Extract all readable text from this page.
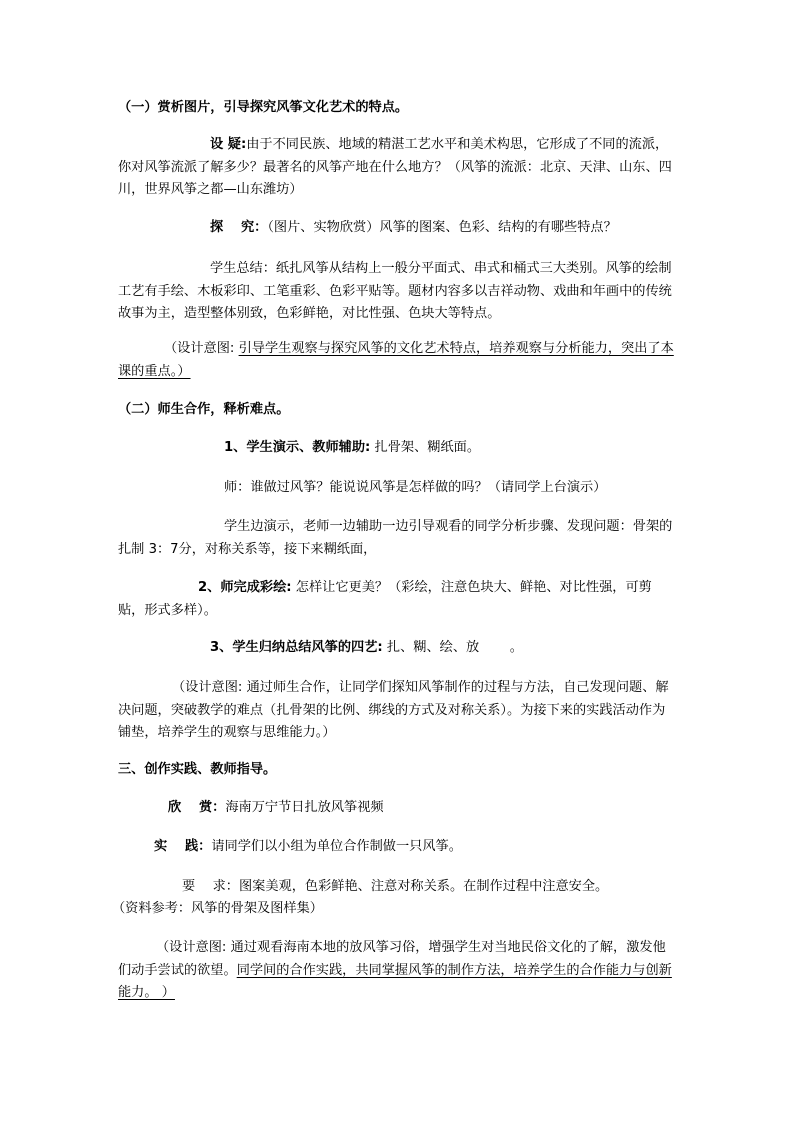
（一）赏析图片，引导探究风筝文化艺术的特点。

设 疑:由于不同民族、地域的精湛工艺水平和美术构思，它形成了不同的流派，你对风筝流派了解多少？最著名的风筝产地在什么地方？（风筝的流派：北京、天津、山东、四川，世界风筝之都—山东潍坊）

探　 究：（图片、实物欣赏）风筝的图案、色彩、结构的有哪些特点？

学生总结：纸扎风筝从结构上一般分平面式、串式和桶式三大类别。风筝的绘制工艺有手绘、木板彩印、工笔重彩、色彩平贴等。题材内容多以吉祥动物、戏曲和年画中的传统故事为主，造型整体别致，色彩鲜艳，对比性强、色块大等特点。

（设计意图: 引导学生观察与探究风筝的文化艺术特点，培养观察与分析能力，突出了本课的重点。）

（二）师生合作，释析难点。

1、学生演示、教师辅助: 扎骨架、糊纸面。

师：谁做过风筝？能说说风筝是怎样做的吗？（请同学上台演示）

学生边演示，老师一边辅助一边引导观看的同学分析步骤、发现问题：骨架的扎制 3：7分，对称关系等，接下来糊纸面，

2、师完成彩绘: 怎样让它更美？（彩绘，注意色块大、鲜艳、对比性强，可剪贴，形式多样）。

3、学生归纳总结风筝的四艺: 扎、糊、绘、放　　 。

（设计意图: 通过师生合作，让同学们探知风筝制作的过程与方法，自己发现问题、解决问题，突破教学的难点（扎骨架的比例、绑线的方式及对称关系）。为接下来的实践活动作为铺垫，培养学生的观察与思维能力。）

三、创作实践、教师指导。

欣　 赏：海南万宁节日扎放风筝视频

实　 践：请同学们以小组为单位合作制做一只风筝。

要　 求：图案美观，色彩鲜艳、注意对称关系。在制作过程中注意安全。

（资料参考：风筝的骨架及图样集）

（设计意图: 通过观看海南本地的放风筝习俗，增强学生对当地民俗文化的了解，激发他们动手尝试的欲望。同学间的合作实践，共同掌握风筝的制作方法，培养学生的合作能力与创新能力。 ）
